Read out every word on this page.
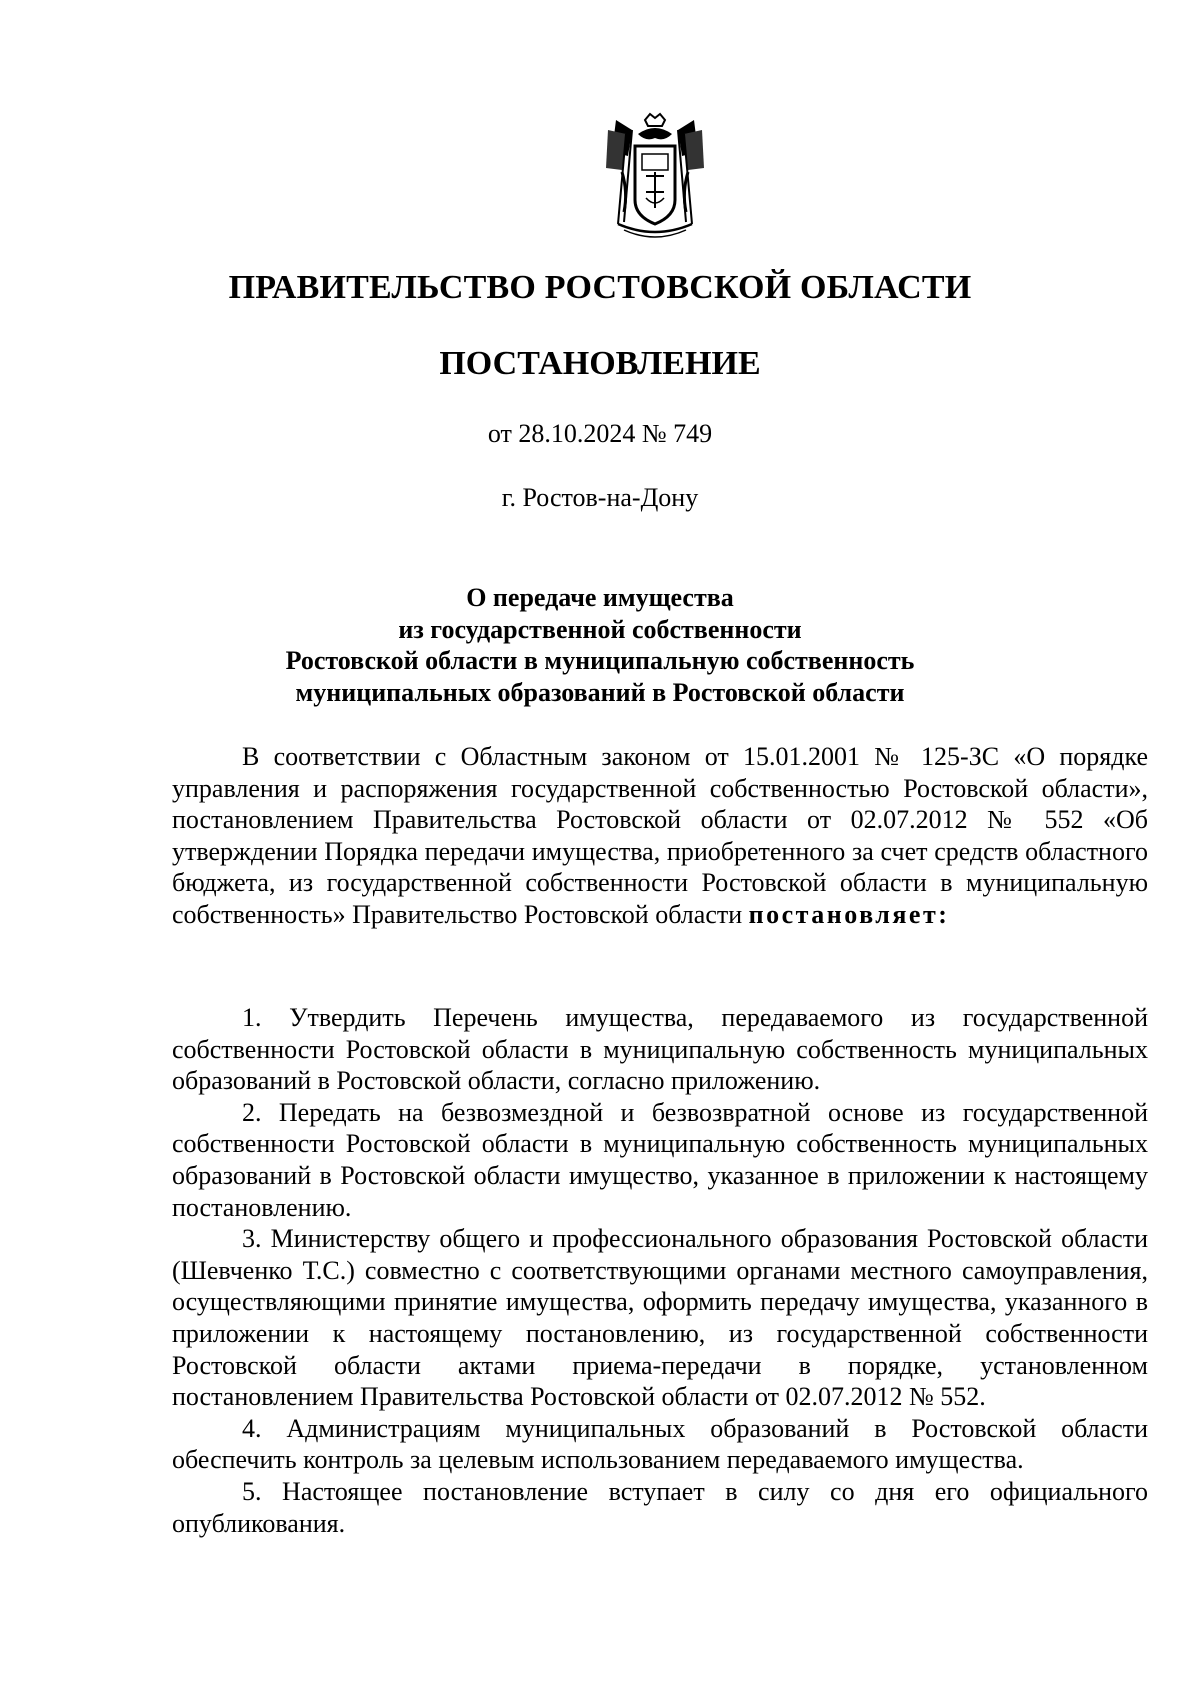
ПРАВИТЕЛЬСТВО РОСТОВСКОЙ ОБЛАСТИ
ПОСТАНОВЛЕНИЕ
от 28.10.2024 № 749
г. Ростов-на-Дону
О передаче имущества
из государственной собственности
Ростовской области в муниципальную собственность
муниципальных образований в Ростовской области

В соответствии с Областным законом от 15.01.2001 № 125-ЗС «О порядке управления и распоряжения государственной собственностью Ростовской области», постановлением Правительства Ростовской области от 02.07.2012 № 552 «Об утверждении Порядка передачи имущества, приобретенного за счет средств областного бюджета, из государственной собственности Ростовской области в муниципальную собственность» Правительство Ростовской области постановляет:

1. Утвердить Перечень имущества, передаваемого из государственной собственности Ростовской области в муниципальную собственность муниципальных образований в Ростовской области, согласно приложению.

2. Передать на безвозмездной и безвозвратной основе из государственной собственности Ростовской области в муниципальную собственность муниципальных образований в Ростовской области имущество, указанное в приложении к настоящему постановлению.

3. Министерству общего и профессионального образования Ростовской области (Шевченко Т.С.) совместно с соответствующими органами местного самоуправления, осуществляющими принятие имущества, оформить передачу имущества, указанного в приложении к настоящему постановлению, из государственной собственности Ростовской области актами приема-передачи в порядке, установленном постановлением Правительства Ростовской области от 02.07.2012 № 552.

4. Администрациям муниципальных образований в Ростовской области обеспечить контроль за целевым использованием передаваемого имущества.

5. Настоящее постановление вступает в силу со дня его официального опубликования.
